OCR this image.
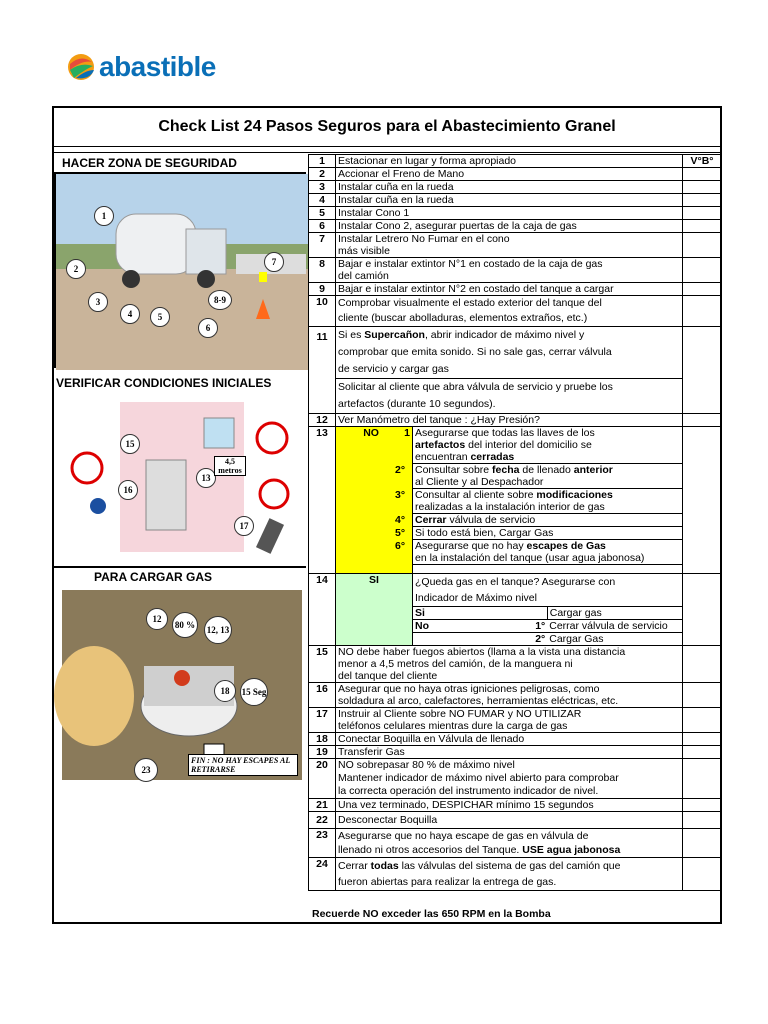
abastible
Check List 24 Pasos Seguros para el Abastecimiento Granel
HACER ZONA DE SEGURIDAD
1
2
3
4	5
6
7
8-9
VERIFICAR CONDICIONES INICIALES
15
16
13
17
4,5 metros
PARA CARGAR GAS
12
80 %	12, 13
18	15 Seg
23
FIN : NO HAY ESCAPES AL RETIRARSE
1	Estacionar en lugar y forma apropiado	V°B°
2	Accionar el Freno de Mano	
3	Instalar cuña en la rueda	
4	Instalar cuña en la rueda	
5	Instalar Cono 1	
6	Instalar Cono 2, asegurar puertas de la caja de gas	
7	Instalar Letrero No Fumar en el cono
más visible

8	Bajar e instalar extintor N°1 en costado de la caja de gas
del camión

9	Bajar e instalar extintor N°2 en costado del tanque a cargar	
10	Comprobar visualmente el estado exterior del tanque del
cliente (buscar abolladuras, elementos extraños, etc.)

11	Si es Supercañon, abrir indicador de máximo nivel y
comprobar que emita sonido. Si no sale gas, cerrar válvula
de servicio y cargar gas
Solicitar al cliente que abra válvula de servicio y pruebe los
artefactos (durante 10 segundos).

12	Ver Manómetro del tanque : ¿Hay Presión?	
13		NO 1	Asegurarse que todas las llaves de los
artefactos del interior del domicilio se
encuentran cerradas

2° Consultar sobre fecha de llenado anterior
al Cliente y al Despachador

3° Consultar al cliente sobre modificaciones
realizadas a la instalación interior de gas

4° Cerrar válvula de servicio

5° Si todo está bien, Cargar Gas

6° Asegurarse que no hay escapes de Gas
en la instalación del tanque (usar agua jabonosa)

14		SI	¿Queda gas en el tanque? Asegurarse con
Indicador de Máximo nivel

Si	Cargar gas
No	1°	Cerrar válvula de servicio
2°	Cargar Gas

15	NO debe haber fuegos abiertos (llama a la vista una distancia
menor a 4,5 metros del camión, de la manguera ni
del tanque del cliente

16	Asegurar que no haya otras igniciones peligrosas, como
soldadura al arco, calefactores, herramientas eléctricas, etc.

17	Instruir al Cliente sobre NO FUMAR y NO UTILIZAR
teléfonos celulares mientras dure la carga de gas

18	Conectar Boquilla en Válvula de llenado	
19	Transferir Gas	
20	NO sobrepasar 80 % de máximo nivel
Mantener indicador de máximo nivel abierto para comprobar
la correcta operación del instrumento indicador de nivel.

21	Una vez terminado, DESPICHAR mínimo 15 segundos	
22	Desconectar Boquilla	
23	Asegurarse que no haya escape de gas en válvula de
llenado ni otros accesorios del Tanque. USE agua jabonosa

24	Cerrar todas las válvulas del sistema de gas del camión que
fueron abiertas para realizar la entrega de gas.

Recuerde NO exceder las 650 RPM en la Bomba
